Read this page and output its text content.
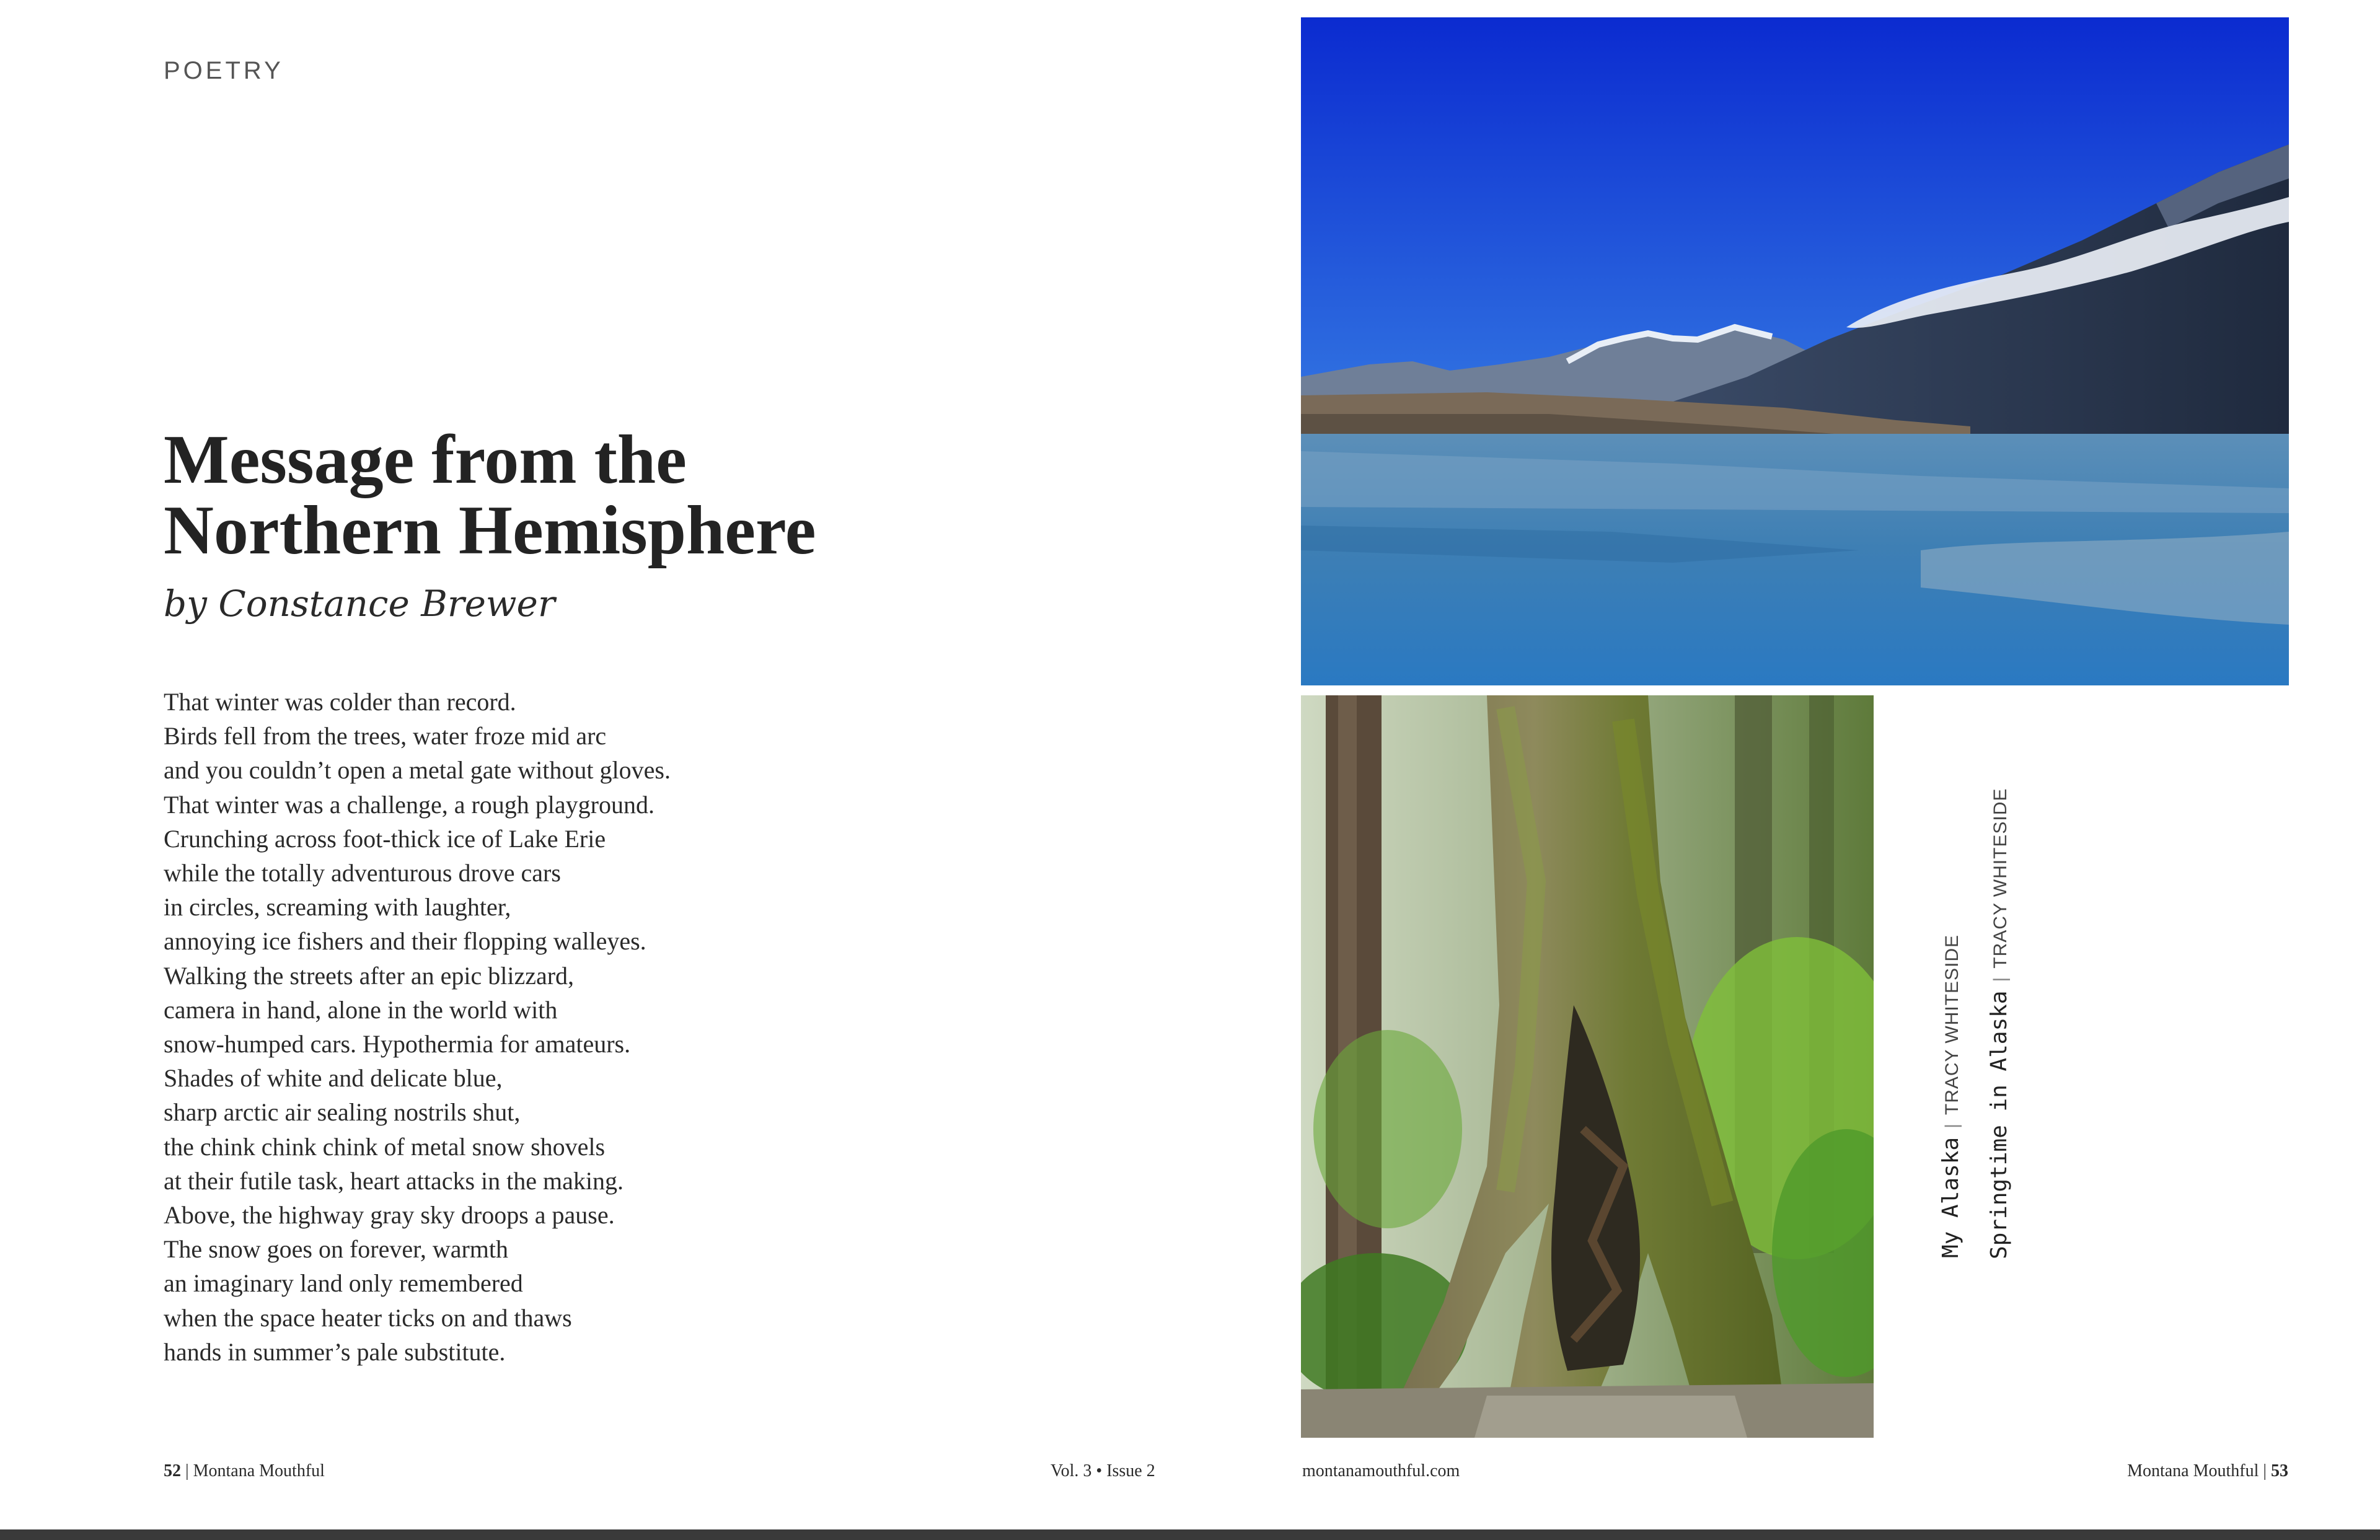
POETRY
Message from the
Northern Hemisphere
by Constance Brewer
That winter was colder than record.
Birds fell from the trees, water froze mid arc
and you couldn’t open a metal gate without gloves.
That winter was a challenge, a rough playground.
Crunching across foot-thick ice of Lake Erie
while the totally adventurous drove cars
in circles, screaming with laughter,
annoying ice fishers and their flopping walleyes.
Walking the streets after an epic blizzard,
camera in hand, alone in the world with
snow-humped cars. Hypothermia for amateurs.
Shades of white and delicate blue,
sharp arctic air sealing nostrils shut,
the chink chink chink of metal snow shovels
at their futile task, heart attacks in the making.
Above, the highway gray sky droops a pause.
The snow goes on forever, warmth
an imaginary land only remembered
when the space heater ticks on and thaws
hands in summer’s pale substitute.
52 | Montana Mouthful	Vol. 3 • Issue 2	montanamouthful.com	Montana Mouthful | 53
My Alaska|TRACY WHITESIDE Springtime in Alaska|TRACY WHITESIDE
